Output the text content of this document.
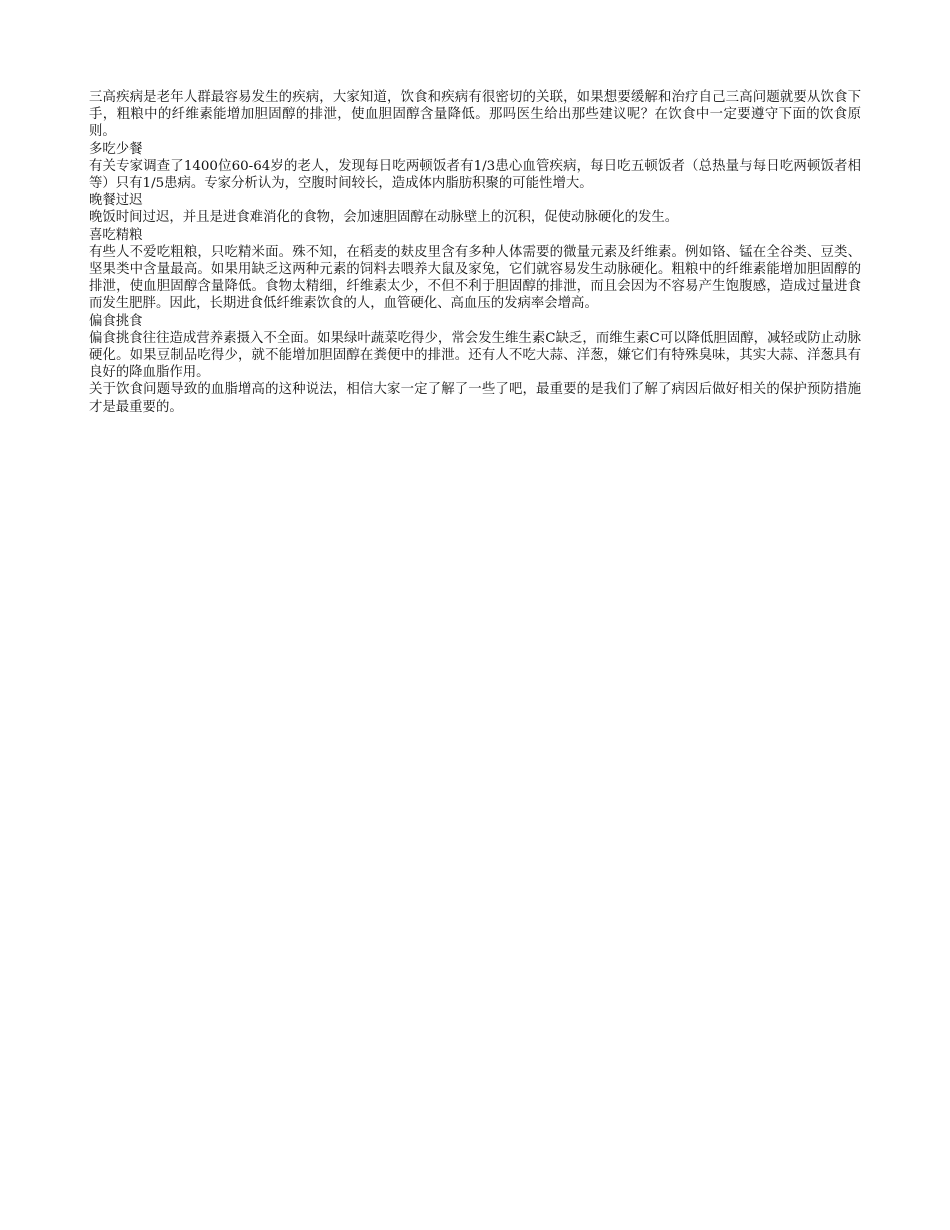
三高疾病是老年人群最容易发生的疾病，大家知道，饮食和疾病有很密切的关联，如果想要缓解和治疗自己三高问题就要从饮食下手，粗粮中的纤维素能增加胆固醇的排泄，使血胆固醇含量降低。那吗医生给出那些建议呢？在饮食中一定要遵守下面的饮食原则。

多吃少餐

有关专家调查了1400位60-64岁的老人，发现每日吃两顿饭者有1/3患心血管疾病，每日吃五顿饭者（总热量与每日吃两顿饭者相等）只有1/5患病。专家分析认为，空腹时间较长，造成体内脂肪积聚的可能性增大。

晚餐过迟

晚饭时间过迟，并且是进食难消化的食物，会加速胆固醇在动脉壁上的沉积，促使动脉硬化的发生。

喜吃精粮

有些人不爱吃粗粮，只吃精米面。殊不知，在稻麦的麸皮里含有多种人体需要的微量元素及纤维素。例如铬、锰在全谷类、豆类、坚果类中含量最高。如果用缺乏这两种元素的饲料去喂养大鼠及家兔，它们就容易发生动脉硬化。粗粮中的纤维素能增加胆固醇的排泄，使血胆固醇含量降低。食物太精细，纤维素太少，不但不利于胆固醇的排泄，而且会因为不容易产生饱腹感，造成过量进食而发生肥胖。因此，长期进食低纤维素饮食的人，血管硬化、高血压的发病率会增高。

偏食挑食

偏食挑食往往造成营养素摄入不全面。如果绿叶蔬菜吃得少，常会发生维生素C缺乏，而维生素C可以降低胆固醇，减轻或防止动脉硬化。如果豆制品吃得少，就不能增加胆固醇在粪便中的排泄。还有人不吃大蒜、洋葱，嫌它们有特殊臭味，其实大蒜、洋葱具有良好的降血脂作用。

关于饮食问题导致的血脂增高的这种说法，相信大家一定了解了一些了吧，最重要的是我们了解了病因后做好相关的保护预防措施才是最重要的。
